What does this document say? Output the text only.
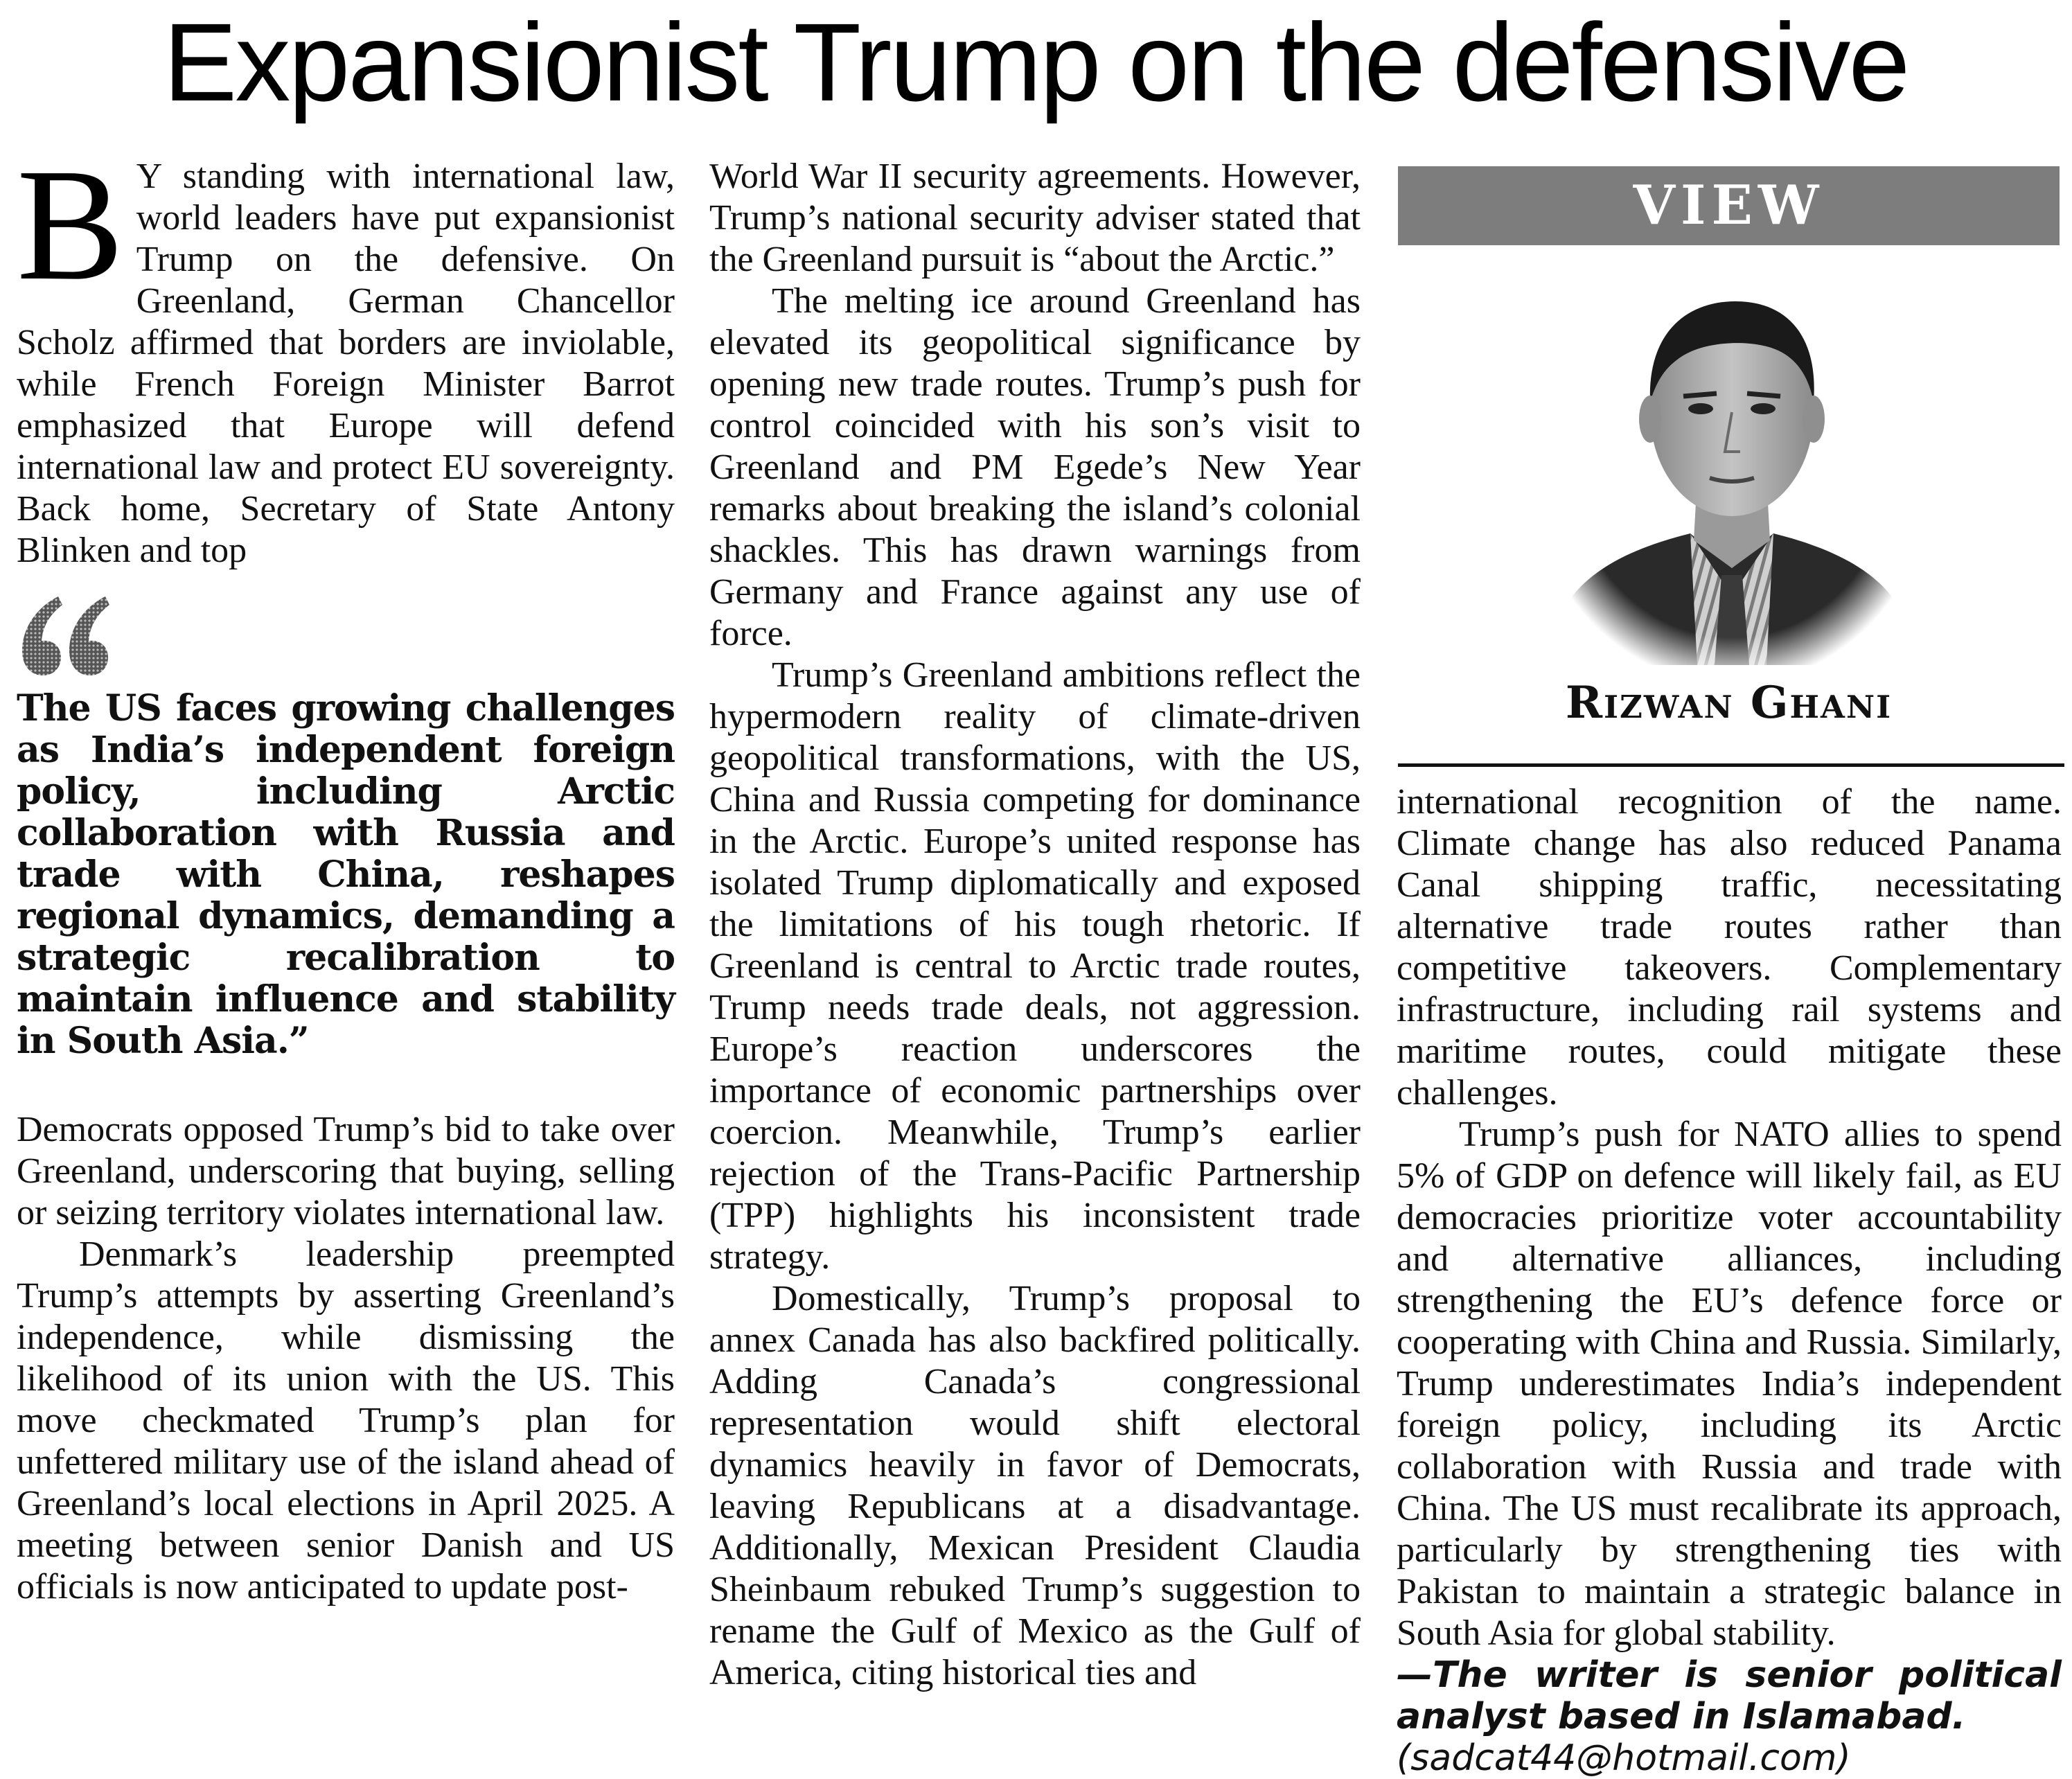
Expansionist Trump on the defensive
B Y standing with international law, world leaders have put expansionist Trump on the defensive. On Greenland, German Chancellor Scholz affirmed that borders are inviolable, while French Foreign Minister Barrot emphasized that Europe will defend international law and protect EU sovereignty. Back home, Secretary of State Antony Blinken and top

The US faces growing challenges as India’s independent foreign policy, including Arctic collaboration with Russia and trade with China, reshapes regional dynamics, demanding a strategic recalibration to maintain influence and stability in South Asia.”

Democrats opposed Trump’s bid to take over Greenland, underscoring that buying, selling or seizing territory violates international law.

Denmark’s leadership preempted Trump’s attempts by asserting Greenland’s independence, while dismissing the likelihood of its union with the US. This move checkmated Trump’s plan for unfettered military use of the island ahead of Greenland’s local elections in April 2025. A meeting between senior Danish and US officials is now anticipated to update post-

World War II security agreements. However, Trump’s national security adviser stated that the Greenland pursuit is “about the Arctic.”

The melting ice around Greenland has elevated its geopolitical significance by opening new trade routes. Trump’s push for control coincided with his son’s visit to Greenland and PM Egede’s New Year remarks about breaking the island’s colonial shackles. This has drawn warnings from Germany and France against any use of force.

Trump’s Greenland ambitions reflect the hypermodern reality of climate-driven geopolitical transformations, with the US, China and Russia competing for dominance in the Arctic. Europe’s united response has isolated Trump diplomatically and exposed the limitations of his tough rhetoric. If Greenland is central to Arctic trade routes, Trump needs trade deals, not aggression. Europe’s reaction underscores the importance of economic partnerships over coercion. Meanwhile, Trump’s earlier rejection of the Trans-Pacific Partnership (TPP) highlights his inconsistent trade strategy.

Domestically, Trump’s proposal to annex Canada has also backfired politically. Adding Canada’s congressional representation would shift electoral dynamics heavily in favor of Democrats, leaving Republicans at a disadvantage. Additionally, Mexican President Claudia Sheinbaum rebuked Trump’s suggestion to rename the Gulf of Mexico as the Gulf of America, citing historical ties and

VIEW
Rizwan Ghani

international recognition of the name. Climate change has also reduced Panama Canal shipping traffic, necessitating alternative trade routes rather than competitive takeovers. Complementary infrastructure, including rail systems and maritime routes, could mitigate these challenges.

Trump’s push for NATO allies to spend 5% of GDP on defence will likely fail, as EU democracies prioritize voter accountability and alternative alliances, including strengthening the EU’s defence force or cooperating with China and Russia. Similarly, Trump underestimates India’s independent foreign policy, including its Arctic collaboration with Russia and trade with China. The US must recalibrate its approach, particularly by strengthening ties with Pakistan to maintain a strategic balance in South Asia for global stability.

—The writer is senior political analyst based in Islamabad.

(sadcat44@hotmail.com)
